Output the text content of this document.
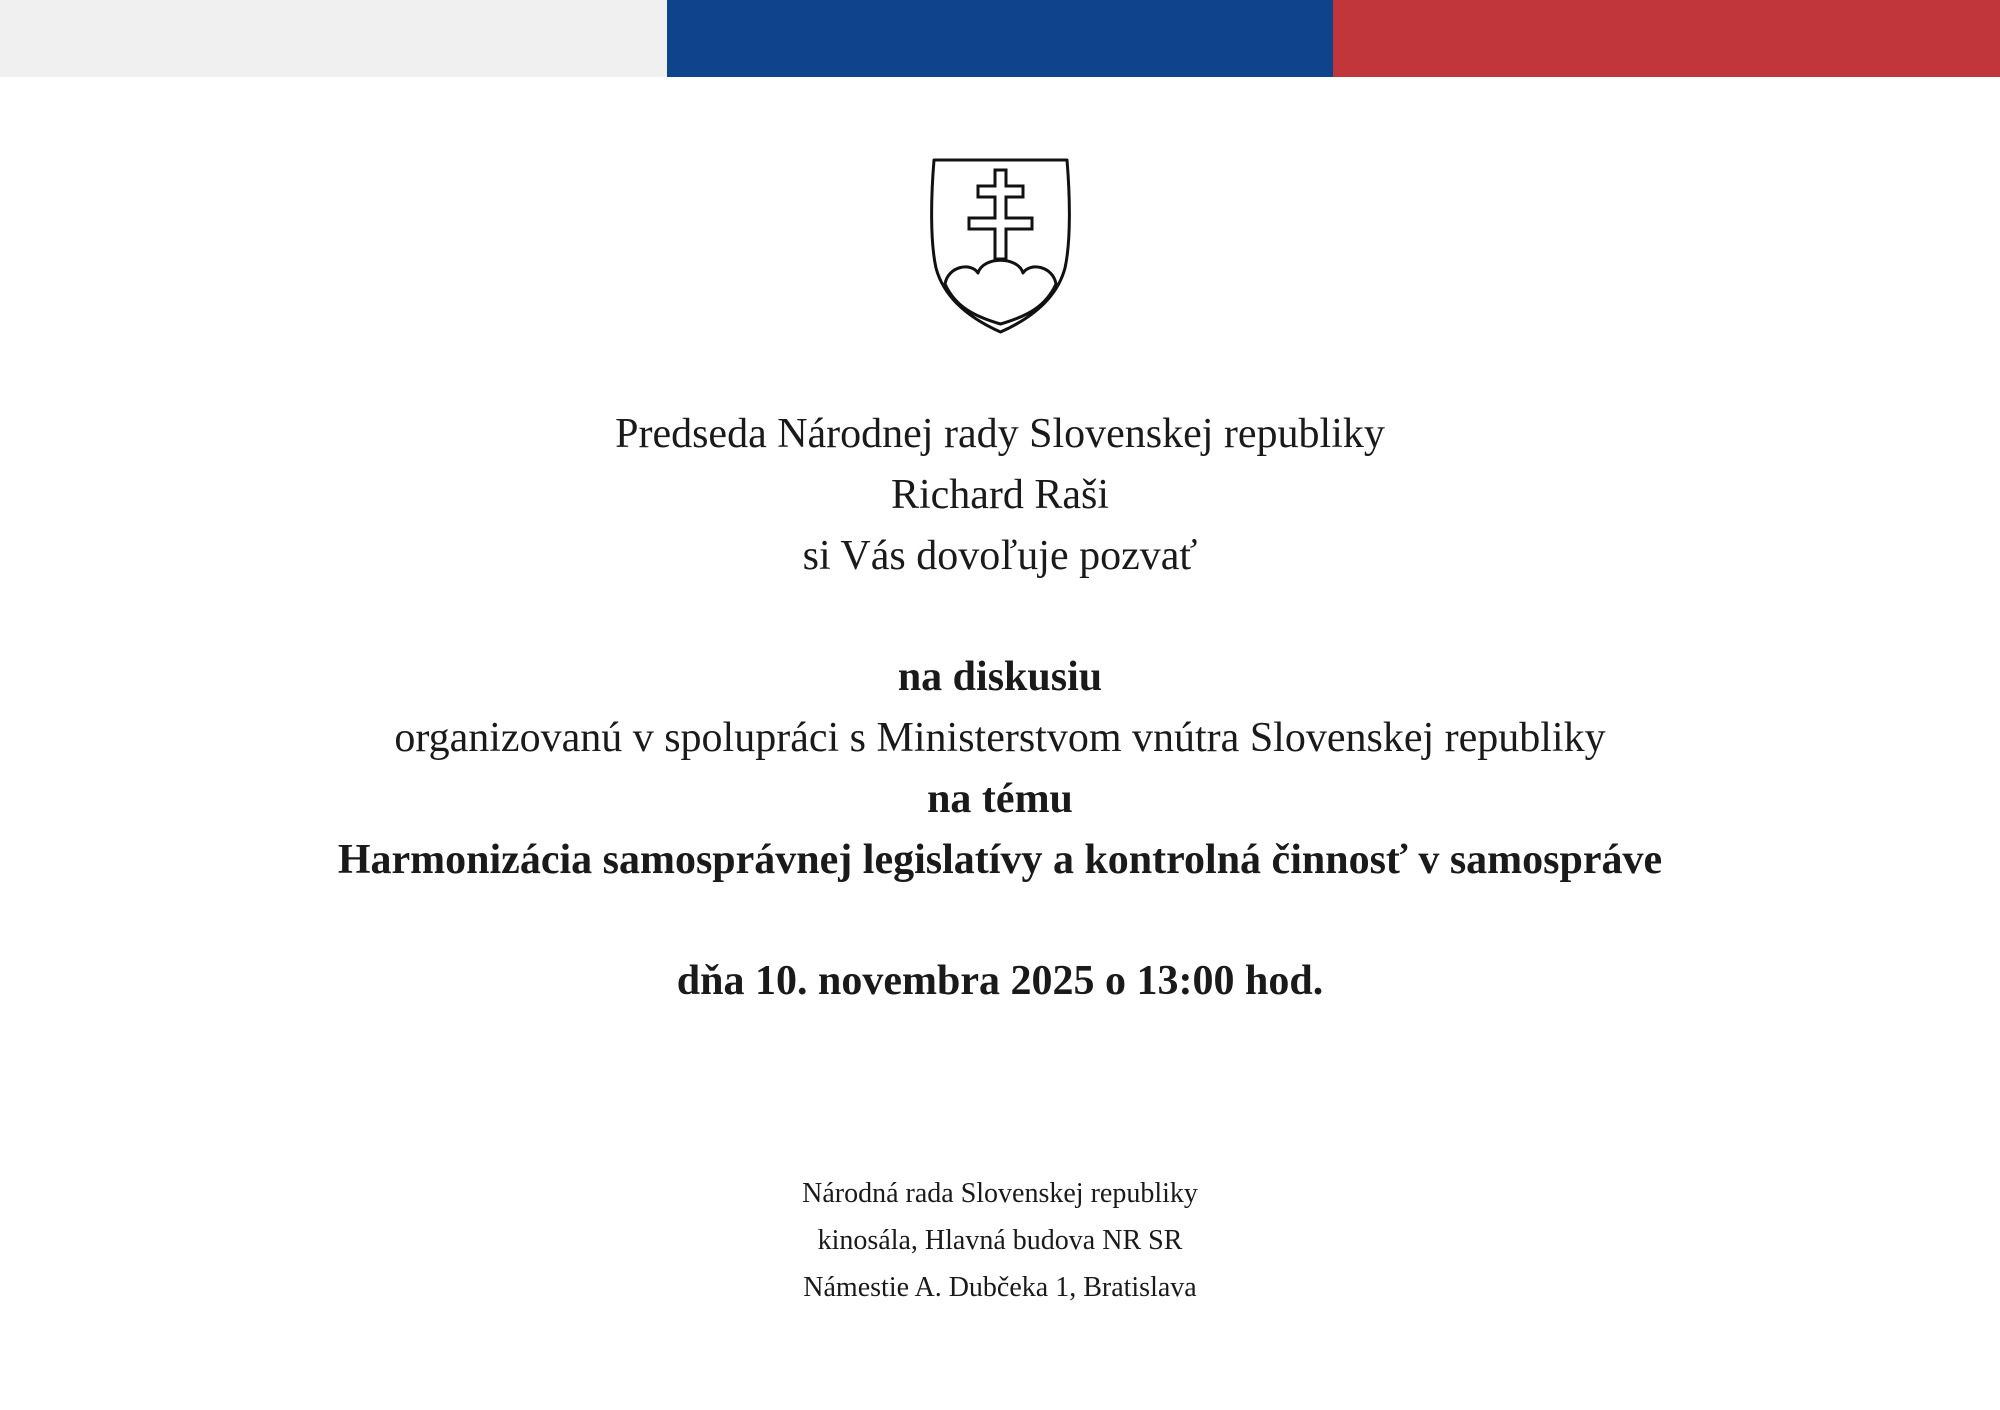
Predseda Národnej rady Slovenskej republiky
Richard Raši
si Vás dovoľuje pozvať
na diskusiu
organizovanú v spolupráci s Ministerstvom vnútra Slovenskej republiky
na tému
Harmonizácia samosprávnej legislatívy a kontrolná činnosť v samospráve
dňa 10. novembra 2025 o 13:00 hod.
Národná rada Slovenskej republiky
kinosála, Hlavná budova NR SR
Námestie A. Dubčeka 1, Bratislava
